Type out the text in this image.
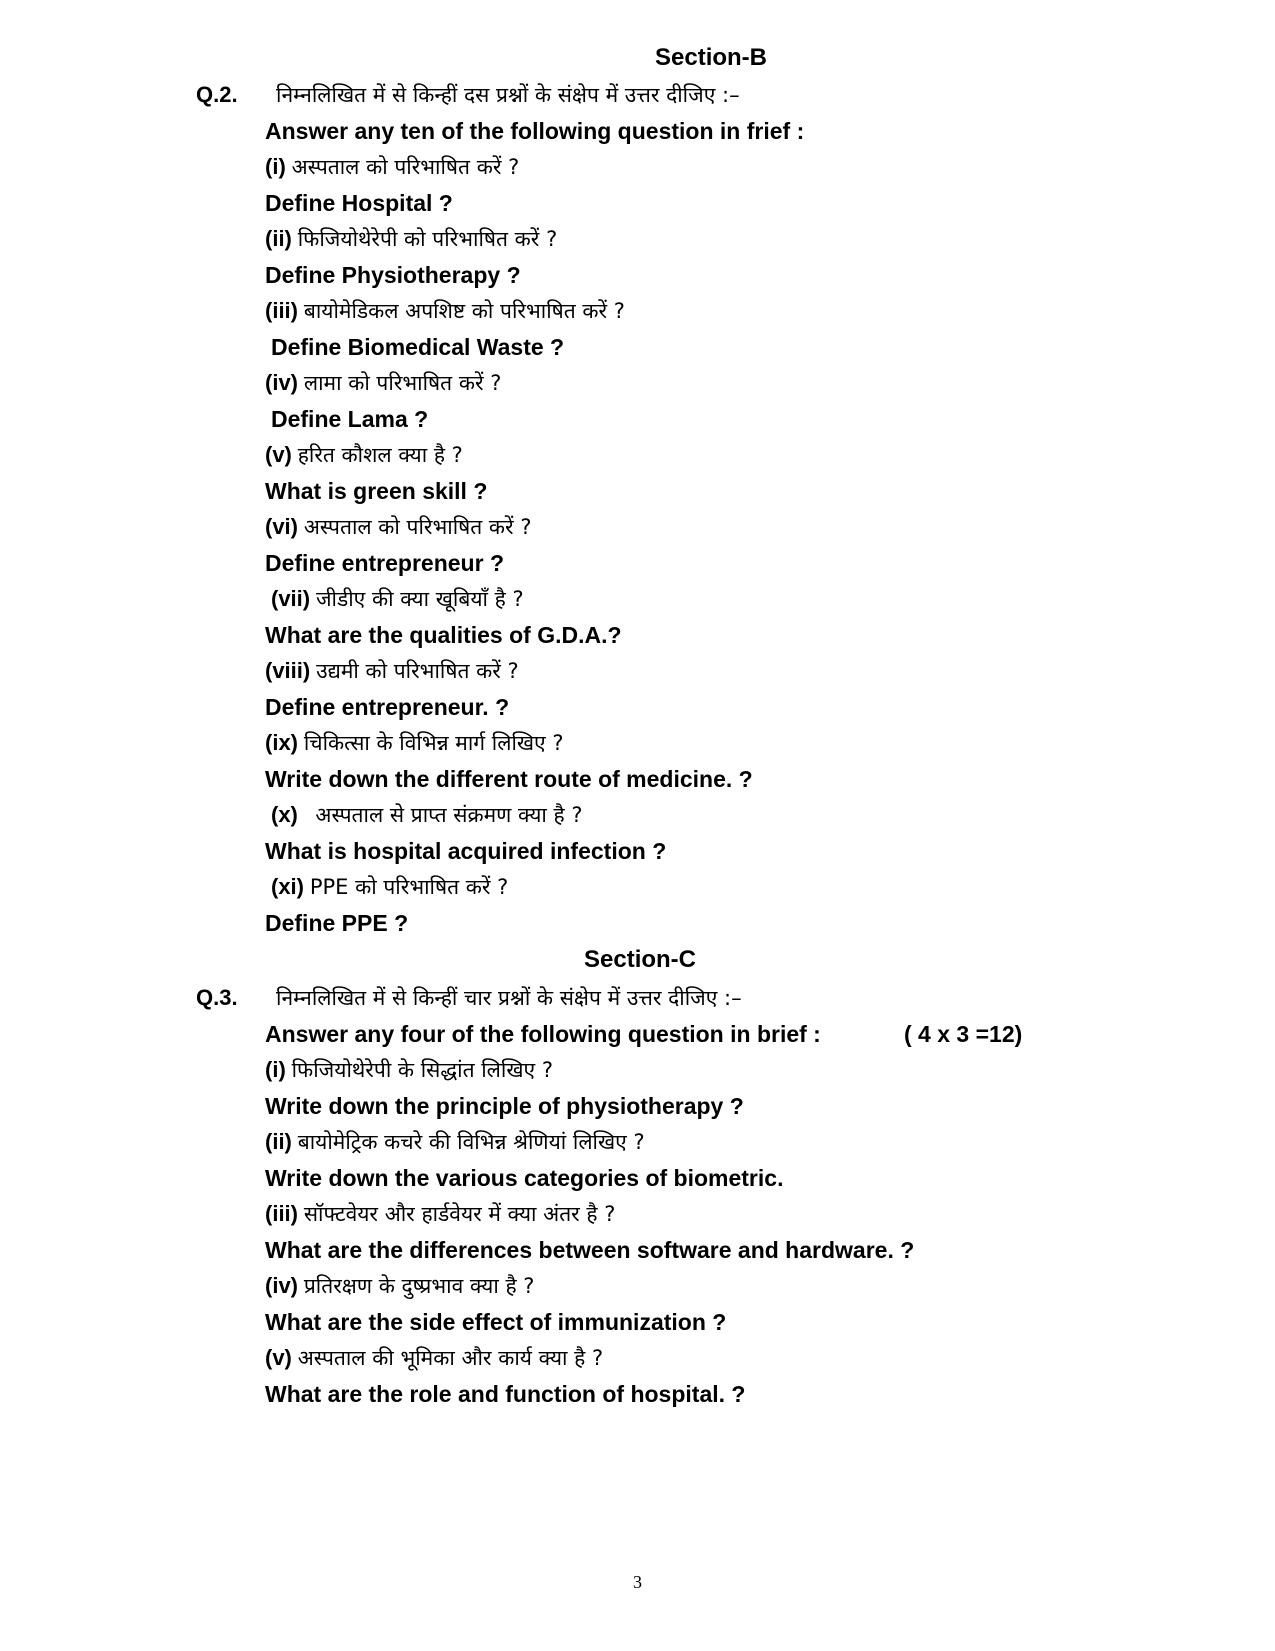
Section-B
Q.2. निम्नलिखित में से किन्हीं दस प्रश्नों के संक्षेप में उत्तर दीजिए :–
Answer any ten of the following question in frief :
(i) अस्पताल को परिभाषित करें ?
Define Hospital ?
(ii) फिजियोथेरेपी को परिभाषित करें ?
Define Physiotherapy ?
(iii) बायोमेडिकल अपशिष्ट को परिभाषित करें ?
Define Biomedical Waste ?
(iv) लामा को परिभाषित करें ?
Define Lama ?
(v) हरित कौशल क्या है ?
What is green skill ?
(vi) अस्पताल को परिभाषित करें ?
Define entrepreneur ?
(vii) जीडीए की क्या खूबियाँ है ?
What are the qualities of G.D.A.?
(viii) उद्यमी को परिभाषित करें ?
Define entrepreneur. ?
(ix) चिकित्सा के विभिन्न मार्ग लिखिए ?
Write down the different route of medicine. ?
(x) अस्पताल से प्राप्त संक्रमण क्या है ?
What is hospital acquired infection ?
(xi) PPE को परिभाषित करें ?
Define PPE ?
Section-C
Q.3. निम्नलिखित में से किन्हीं चार प्रश्नों के संक्षेप में उत्तर दीजिए :–
Answer any four of the following question in brief :	( 4 x 3 =12)
(i) फिजियोथेरेपी के सिद्धांत लिखिए ?
Write down the principle of physiotherapy ?
(ii) बायोमेट्रिक कचरे की विभिन्न श्रेणियां लिखिए ?
Write down the various categories of biometric.
(iii) सॉफ्टवेयर और हार्डवेयर में क्या अंतर है ?
What are the differences between software and hardware. ?
(iv) प्रतिरक्षण के दुष्प्रभाव क्या है ?
What are the side effect of immunization ?
(v) अस्पताल की भूमिका और कार्य क्या है ?
What are the role and function of hospital. ?
3
